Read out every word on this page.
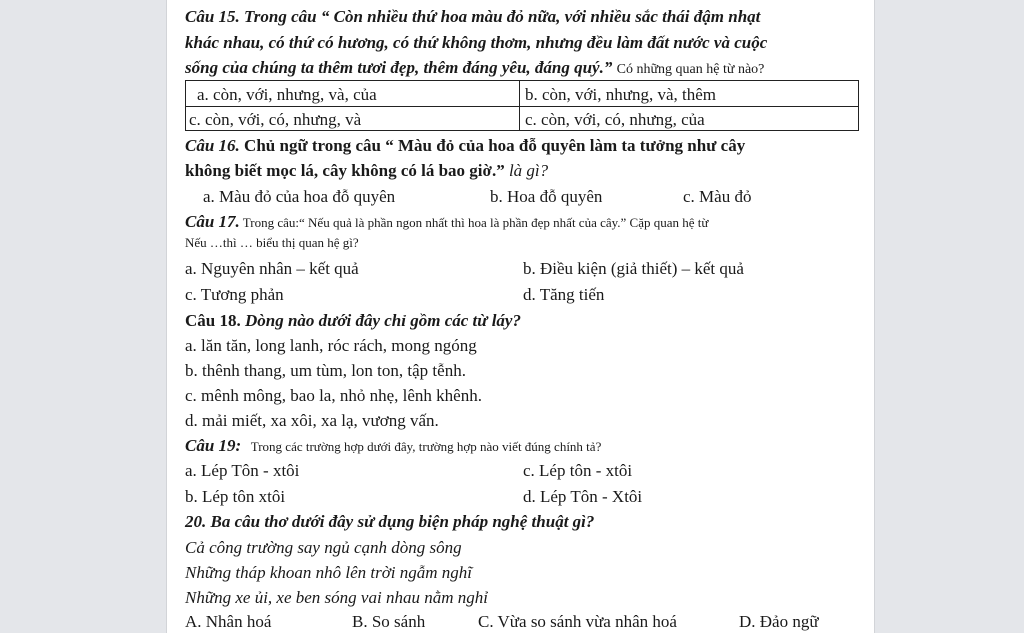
Câu 15. Trong câu “ Còn nhiều thứ hoa màu đỏ nữa, với nhiều sắc thái đậm nhạt
khác nhau, có thứ có hương, có thứ không thơm, nhưng đều làm đất nước và cuộc
sống của chúng ta thêm tươi đẹp, thêm đáng yêu, đáng quý.” Có những quan hệ từ nào?
a. còn, với, nhưng, và, của	b. còn, với, nhưng, và, thêm
c. còn, với, có, nhưng, và	c. còn, với, có, nhưng, của
Câu 16. Chủ ngữ trong câu “ Màu đỏ của hoa đỗ quyên làm ta tưởng như cây
không biết mọc lá, cây không có lá bao giờ.” là gì?
a. Màu đỏ của hoa đỗ quyên	b. Hoa đỗ quyên	c. Màu đỏ
Câu 17. Trong câu:“ Nếu quả là phần ngon nhất thì hoa là phần đẹp nhất của cây.” Cặp quan hệ từ
Nếu …thì … biểu thị quan hệ gì?
a. Nguyên nhân – kết quả	b. Điều kiện (giả thiết) – kết quả
c. Tương phản	d. Tăng tiến
Câu 18. Dòng nào dưới đây chỉ gồm các từ láy?
a. lăn tăn, long lanh, róc rách, mong ngóng
b. thênh thang, um tùm, lon ton, tập tễnh.
c. mênh mông, bao la, nhỏ nhẹ, lênh khênh.
d. mải miết, xa xôi, xa lạ, vương vấn.
Câu 19:   Trong các trường hợp dưới đây, trường hợp nào viết đúng chính tả?
a. Lép Tôn - xtôi	c. Lép tôn - xtôi
b. Lép tôn xtôi	d. Lép Tôn - Xtôi
20. Ba câu thơ dưới đây sử dụng biện pháp nghệ thuật gì?
Cả công trường say ngủ cạnh dòng sông
Những tháp khoan nhô lên trời ngẫm nghĩ
Những xe ủi, xe ben sóng vai nhau nằm nghỉ
A. Nhân hoá	B. So sánh	C. Vừa so sánh vừa nhân hoá	D. Đảo ngữ
